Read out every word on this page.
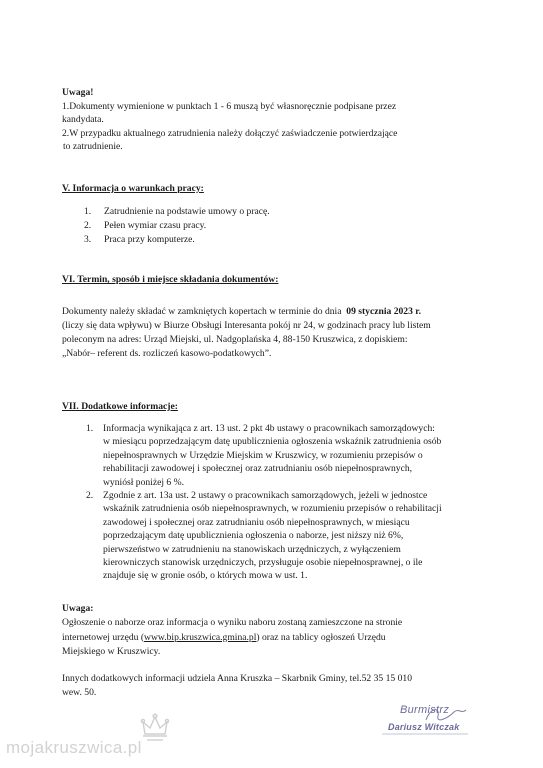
Uwaga!
1.Dokumenty wymienione w punktach 1 - 6 muszą być własnoręcznie podpisane przez
kandydata.
2.W przypadku aktualnego zatrudnienia należy dołączyć zaświadczenie potwierdzające
to zatrudnienie.
V. Informacja o warunkach pracy:
1. Zatrudnienie na podstawie umowy o pracę.
2. Pełen wymiar czasu pracy.
3. Praca przy komputerze.
VI. Termin, sposób i miejsce składania dokumentów:
Dokumenty należy składać w zamkniętych kopertach w terminie do dnia 09 stycznia 2023 r.
(liczy się data wpływu) w Biurze Obsługi Interesanta pokój nr 24, w godzinach pracy lub listem
poleconym na adres: Urząd Miejski, ul. Nadgoplańska 4, 88-150 Kruszwica, z dopiskiem:
„Nabór– referent ds. rozliczeń kasowo-podatkowych”.
VII. Dodatkowe informacje:
1. Informacja wynikająca z art. 13 ust. 2 pkt 4b ustawy o pracownikach samorządowych:
w miesiącu poprzedzającym datę upublicznienia ogłoszenia wskaźnik zatrudnienia osób
niepełnosprawnych w Urzędzie Miejskim w Kruszwicy, w rozumieniu przepisów o
rehabilitacji zawodowej i społecznej oraz zatrudnianiu osób niepełnosprawnych,
wyniósł poniżej 6 %.
2. Zgodnie z art. 13a ust. 2 ustawy o pracownikach samorządowych, jeżeli w jednostce
wskaźnik zatrudnienia osób niepełnosprawnych, w rozumieniu przepisów o rehabilitacji
zawodowej i społecznej oraz zatrudnianiu osób niepełnosprawnych, w miesiącu
poprzedzającym datę upublicznienia ogłoszenia o naborze, jest niższy niż 6%,
pierwszeństwo w zatrudnieniu na stanowiskach urzędniczych, z wyłączeniem
kierowniczych stanowisk urzędniczych, przysługuje osobie niepełnosprawnej, o ile
znajduje się w gronie osób, o których mowa w ust. 1.
Uwaga:
Ogłoszenie o naborze oraz informacja o wyniku naboru zostaną zamieszczone na stronie
internetowej urzędu (www.bip.kruszwica.gmina.pl) oraz na tablicy ogłoszeń Urzędu
Miejskiego w Kruszwicy.
Innych dodatkowych informacji udziela Anna Kruszka – Skarbnik Gminy, tel.52 35 15 010
wew. 50.
Burmistrz
Dariusz Witczak
mojakruszwica.pl
